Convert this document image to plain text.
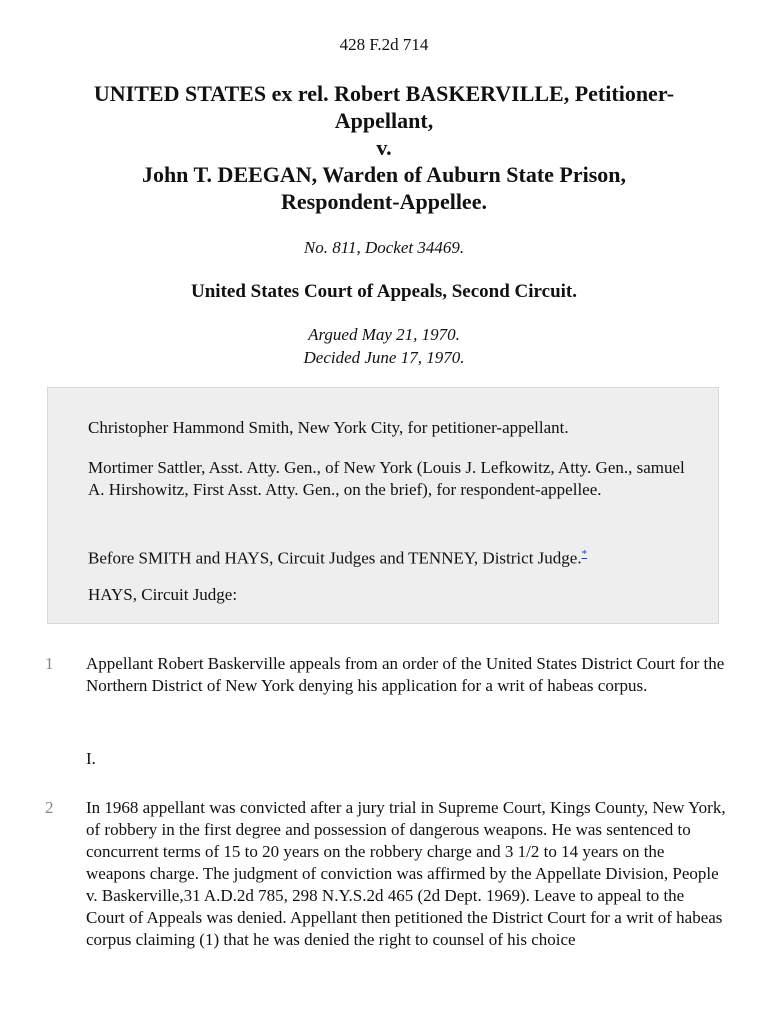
428 F.2d 714
UNITED STATES ex rel. Robert BASKERVILLE, Petitioner-
Appellant,
v.
John T. DEEGAN, Warden of Auburn State Prison,
Respondent-Appellee.
No. 811, Docket 34469.
United States Court of Appeals, Second Circuit.
Argued May 21, 1970.
Decided June 17, 1970.
Christopher Hammond Smith, New York City, for petitioner-appellant.
Mortimer Sattler, Asst. Atty. Gen., of New York (Louis J. Lefkowitz, Atty. Gen., samuel A. Hirshowitz, First Asst. Atty. Gen., on the brief), for respondent-appellee.
Before SMITH and HAYS, Circuit Judges and TENNEY, District Judge.*
HAYS, Circuit Judge:
1	Appellant Robert Baskerville appeals from an order of the United States District Court for the Northern District of New York denying his application for a writ of habeas corpus.
I.
2	In 1968 appellant was convicted after a jury trial in Supreme Court, Kings County, New York, of robbery in the first degree and possession of dangerous weapons. He was sentenced to concurrent terms of 15 to 20 years on the robbery charge and 3 1/2 to 14 years on the weapons charge. The judgment of conviction was affirmed by the Appellate Division, People v. Baskerville,31 A.D.2d 785, 298 N.Y.S.2d 465 (2d Dept. 1969). Leave to appeal to the Court of Appeals was denied. Appellant then petitioned the District Court for a writ of habeas corpus claiming (1) that he was denied the right to counsel of his choice
